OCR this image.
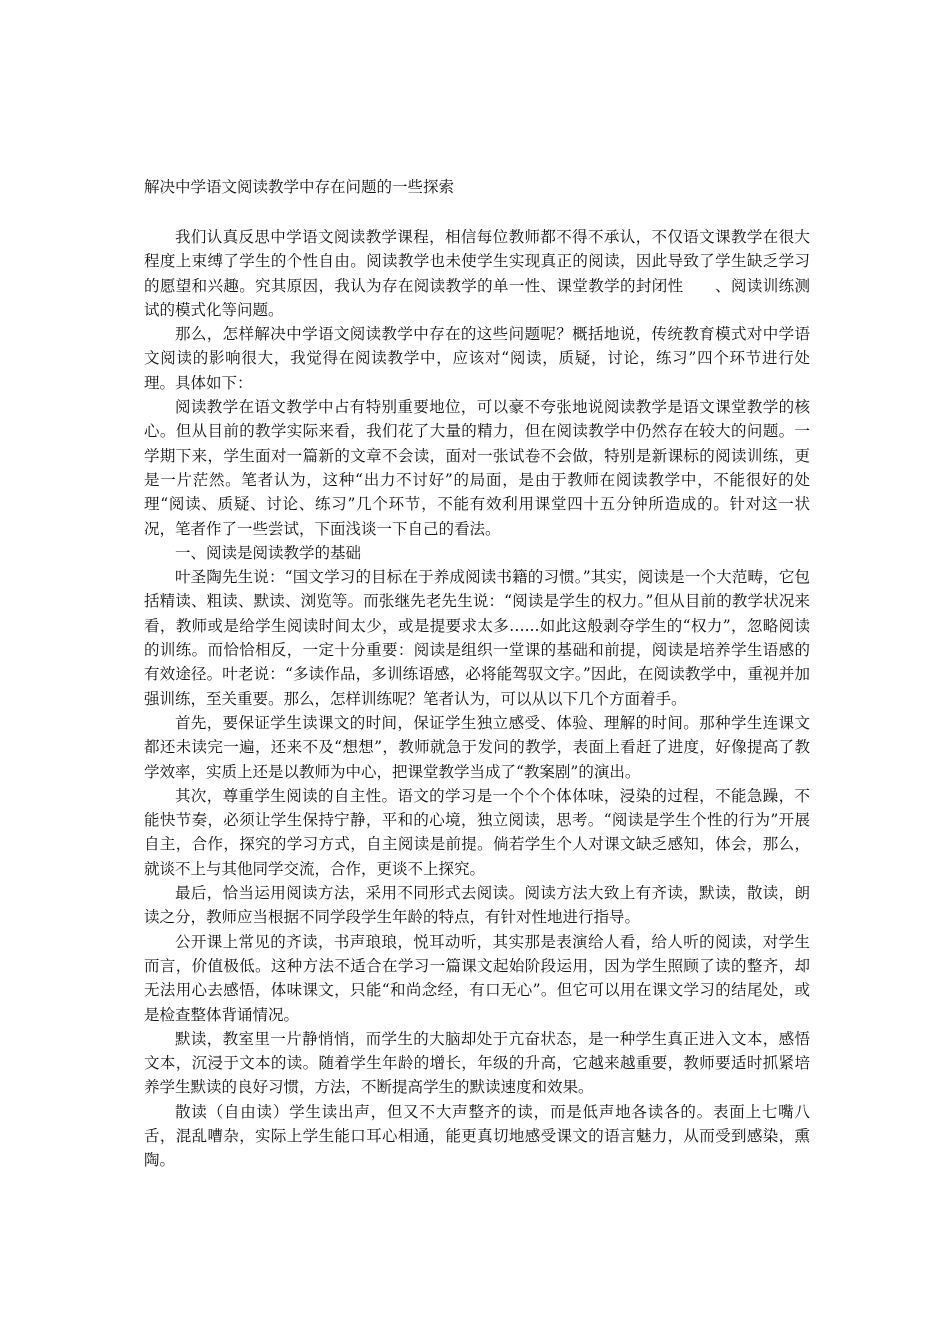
解决中学语文阅读教学中存在问题的一些探索

我们认真反思中学语文阅读教学课程，相信每位教师都不得不承认，不仅语文课教学在很大程度上束缚了学生的个性自由。阅读教学也未使学生实现真正的阅读，因此导致了学生缺乏学习的愿望和兴趣。究其原因，我认为存在阅读教学的单一性、课堂教学的封闭性　　、阅读训练测试的模式化等问题。

那么，怎样解决中学语文阅读教学中存在的这些问题呢？概括地说，传统教育模式对中学语文阅读的影响很大，我觉得在阅读教学中，应该对“阅读，质疑，讨论，练习”四个环节进行处理。具体如下：

阅读教学在语文教学中占有特别重要地位，可以豪不夸张地说阅读教学是语文课堂教学的核心。但从目前的教学实际来看，我们花了大量的精力，但在阅读教学中仍然存在较大的问题。一学期下来，学生面对一篇新的文章不会读，面对一张试卷不会做，特别是新课标的阅读训练，更是一片茫然。笔者认为，这种“出力不讨好”的局面，是由于教师在阅读教学中，不能很好的处理“阅读、质疑、讨论、练习”几个环节，不能有效利用课堂四十五分钟所造成的。针对这一状况，笔者作了一些尝试，下面浅谈一下自己的看法。

一、阅读是阅读教学的基础

叶圣陶先生说：“国文学习的目标在于养成阅读书籍的习惯。”其实，阅读是一个大范畴，它包括精读、粗读、默读、浏览等。而张继先老先生说：“阅读是学生的权力。”但从目前的教学状况来看，教师或是给学生阅读时间太少，或是提要求太多…...如此这般剥夺学生的“权力”，忽略阅读的训练。而恰恰相反，一定十分重要：阅读是组织一堂课的基础和前提，阅读是培养学生语感的有效途径。叶老说：“多读作品，多训练语感，必将能驾驭文字。”因此，在阅读教学中，重视并加强训练，至关重要。那么，怎样训练呢？笔者认为，可以从以下几个方面着手。

首先，要保证学生读课文的时间，保证学生独立感受、体验、理解的时间。那种学生连课文都还未读完一遍，还来不及“想想”，教师就急于发问的教学，表面上看赶了进度，好像提高了教学效率，实质上还是以教师为中心，把课堂教学当成了“教案剧”的演出。

其次，尊重学生阅读的自主性。语文的学习是一个个个体体味，浸染的过程，不能急躁，不能快节奏，必须让学生保持宁静，平和的心境，独立阅读，思考。“阅读是学生个性的行为”开展自主，合作，探究的学习方式，自主阅读是前提。倘若学生个人对课文缺乏感知，体会，那么，就谈不上与其他同学交流，合作，更谈不上探究。

最后，恰当运用阅读方法，采用不同形式去阅读。阅读方法大致上有齐读，默读，散读，朗读之分，教师应当根据不同学段学生年龄的特点，有针对性地进行指导。

公开课上常见的齐读，书声琅琅，悦耳动听，其实那是表演给人看，给人听的阅读，对学生而言，价值极低。这种方法不适合在学习一篇课文起始阶段运用，因为学生照顾了读的整齐，却无法用心去感悟，体味课文，只能“和尚念经，有口无心”。但它可以用在课文学习的结尾处，或是检查整体背诵情况。

默读，教室里一片静悄悄，而学生的大脑却处于亢奋状态，是一种学生真正进入文本，感悟文本，沉浸于文本的读。随着学生年龄的增长，年级的升高，它越来越重要，教师要适时抓紧培养学生默读的良好习惯，方法，不断提高学生的默读速度和效果。

散读（自由读）学生读出声，但又不大声整齐的读，而是低声地各读各的。表面上七嘴八舌，混乱嘈杂，实际上学生能口耳心相通，能更真切地感受课文的语言魅力，从而受到感染，熏陶。
